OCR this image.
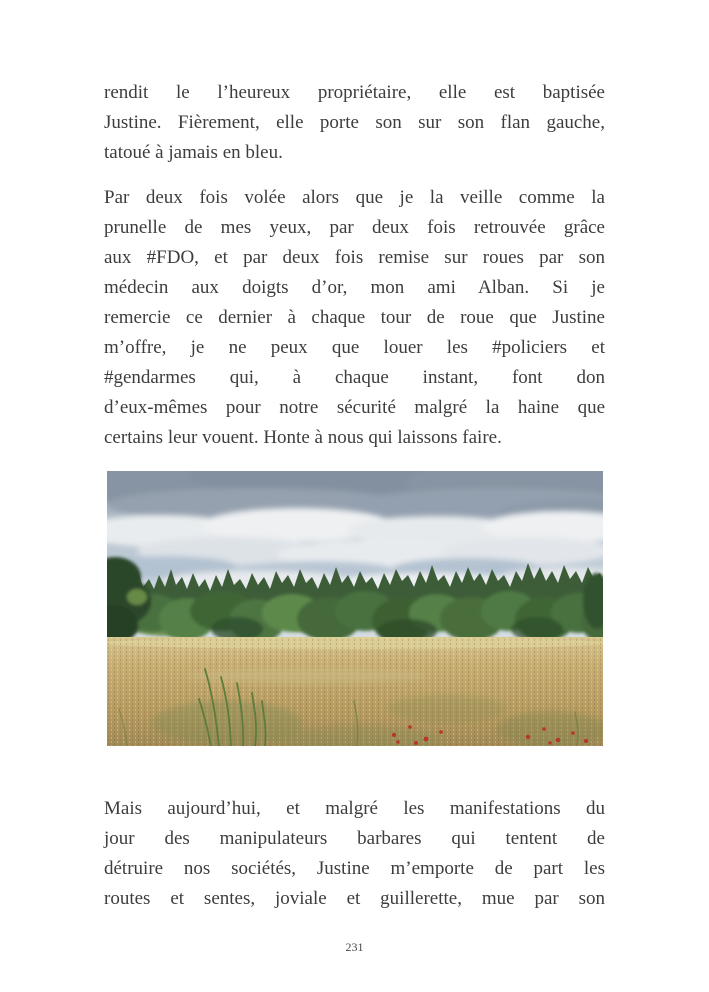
rendit le l’heureux propriétaire, elle est baptisée
Justine. Fièrement, elle porte son sur son flan gauche,
tatoué à jamais en bleu.

Par deux fois volée alors que je la veille comme la
prunelle de mes yeux, par deux fois retrouvée grâce
aux #FDO, et par deux fois remise sur roues par son
médecin aux doigts d’or, mon ami Alban. Si je
remercie ce dernier à chaque tour de roue que Justine
m’offre, je ne peux que louer les #policiers et
#gendarmes qui, à chaque instant, font don
d’eux-mêmes pour notre sécurité malgré la haine que
certains leur vouent. Honte à nous qui laissons faire.

Mais aujourd’hui, et malgré les manifestations du
jour des manipulateurs barbares qui tentent de
détruire nos sociétés, Justine m’emporte de part les
routes et sentes, joviale et guillerette, mue par son

231
